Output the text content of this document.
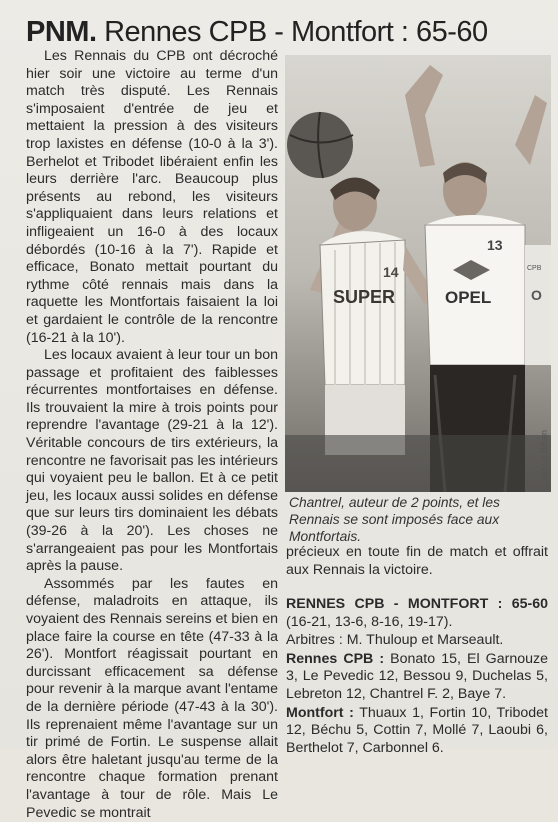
PNM. Rennes CPB - Montfort : 65-60

Les Rennais du CPB ont décroché hier soir une victoire au terme d'un match très disputé. Les Rennais s'imposaient d'entrée de jeu et mettaient la pression à des visiteurs trop laxistes en défense (10-0 à la 3'). Berhelot et Tribodet libéraient enfin les leurs derrière l'arc. Beaucoup plus présents au rebond, les visiteurs s'appliquaient dans leurs relations et infligeaient un 16-0 à des locaux débordés (10-16 à la 7'). Rapide et efficace, Bonato mettait pourtant du rythme côté rennais mais dans la raquette les Montfortais faisaient la loi et gardaient le contrôle de la rencontre (16-21 à la 10').

Les locaux avaient à leur tour un bon passage et profitaient des faiblesses récurrentes montfortaises en défense. Ils trouvaient la mire à trois points pour reprendre l'avantage (29-21 à la 12'). Véritable concours de tirs extérieurs, la rencontre ne favorisait pas les intérieurs qui voyaient peu le ballon. Et à ce petit jeu, les locaux aussi solides en défense que sur leurs tirs dominaient les débats (39-26 à la 20'). Les choses ne s'arrangeaient pas pour les Montfortais après la pause.

Assommés par les fautes en défense, maladroits en attaque, ils voyaient des Rennais sereins et bien en place faire la course en tête (47-33 à la 26'). Montfort réagissait pourtant en durcissant efficacement sa défense pour revenir à la marque avant l'entame de la dernière période (47-43 à la 30'). Ils reprenaient même l'avantage sur un tir primé de Fortin. Le suspense allait alors être haletant jusqu'au terme de la rencontre chaque formation prenant l'avantage à tour de rôle. Mais Le Pevedic se montrait

SUPER
14
OPEL
13
CPB
O
Ludo Le Bihan
Chantrel, auteur de 2 points, et les Rennais se sont imposés face aux Montfortais.

précieux en toute fin de match et offrait aux Rennais la victoire.

RENNES CPB - MONTFORT : 65-60 (16-21, 13-6, 8-16, 19-17).

Arbitres : M. Thuloup et Marseault.

Rennes CPB : Bonato 15, El Garnouze 3, Le Pevedic 12, Bessou 9, Duchelas 5, Lebreton 12, Chantrel F. 2, Baye 7.

Montfort : Thuaux 1, Fortin 10, Tribodet 12, Béchu 5, Cottin 7, Mollé 7, Laoubi 6, Berthelot 7, Carbonnel 6.
